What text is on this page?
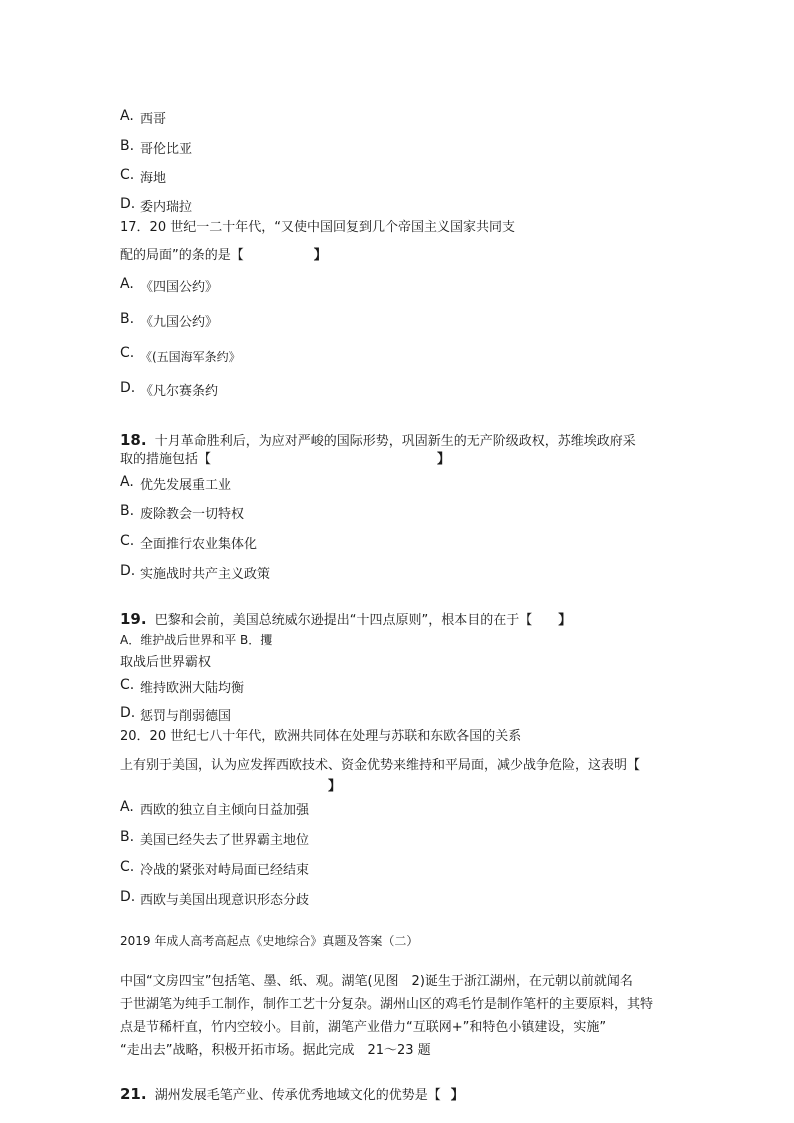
A. 西哥
B. 哥伦比亚
C. 海地
D. 委内瑞拉
17．20 世纪一二十年代，“又使中国回复到几个帝国主义国家共同支
配的局面”的条的是【	】
A. 《四国公约》
B. 《九国公约》
C. 《(五国海军条约》
D. 《凡尔赛条约
18. 十月革命胜利后，为应对严峻的国际形势，巩固新生的无产阶级政权，苏维埃政府采
取的措施包括【	】
A. 优先发展重工业
B. 废除教会一切特权
C. 全面推行农业集体化
D. 实施战时共产主义政策
19. 巴黎和会前，美国总统威尔逊提出“十四点原则”，根本目的在于【 】
A．维护战后世界和平 B．攫
取战后世界霸权
C. 维持欧洲大陆均衡
D. 惩罚与削弱德国
20．20 世纪七八十年代，欧洲共同体在处理与苏联和东欧各国的关系
上有别于美国，认为应发挥西欧技术、资金优势来维持和平局面，减少战争危险，这表明【
】
A. 西欧的独立自主倾向日益加强
B. 美国已经失去了世界霸主地位
C. 冷战的紧张对峙局面已经结束
D. 西欧与美国出现意识形态分歧
2019 年成人高考高起点《史地综合》真题及答案（二）
中国“文房四宝”包括笔、墨、纸、观。湖笔(见图　2)诞生于浙江湖州，在元朝以前就闻名
于世湖笔为纯手工制作，制作工艺十分复杂。湖州山区的鸡毛竹是制作笔杆的主要原料，其特
点是节稀杆直，竹内空较小。目前，湖笔产业借力“互联网+”和特色小镇建设，实施”
“走出去”战略，积极开拓市场。据此完成　21～23 题
21. 湖州发展毛笔产业、传承优秀地域文化的优势是【 】
